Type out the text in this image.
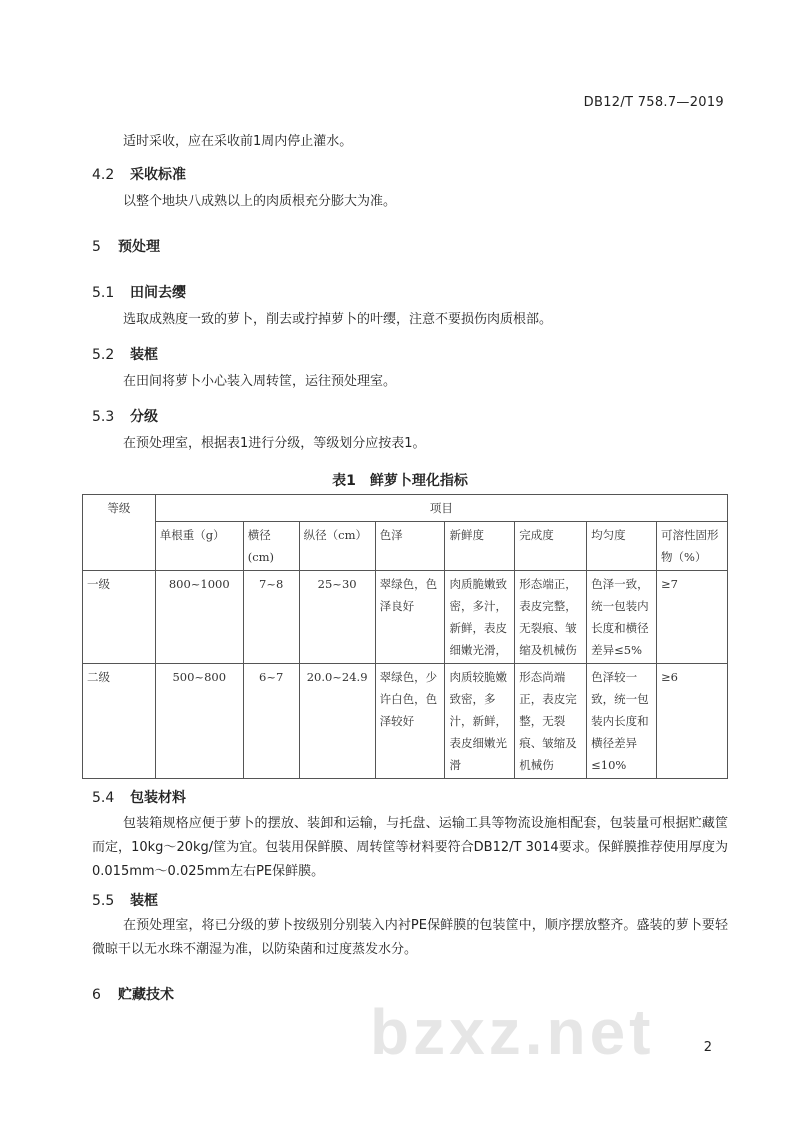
DB12/T 758.7—2019
适时采收，应在采收前1周内停止灌水。
4.2 采收标准
以整个地块八成熟以上的肉质根充分膨大为准。
5 预处理
5.1 田间去缨
选取成熟度一致的萝卜，削去或拧掉萝卜的叶缨，注意不要损伤肉质根部。
5.2 装框
在田间将萝卜小心装入周转筐，运往预处理室。
5.3 分级
在预处理室，根据表1进行分级，等级划分应按表1。
表1　鲜萝卜理化指标
等级	项目							
	单根重（g）	横径(cm)	纵径（cm）	色泽	新鲜度	完成度	均匀度	可溶性固形物（%）
一级	800~1000	7~8	25~30	翠绿色，色泽良好	肉质脆嫩致密，多汁，新鲜，表皮细嫩光滑，	形态端正，表皮完整，无裂痕、皱缩及机械伤	色泽一致，统一包装内长度和横径差异≤5%	≥7
二级	500~800	6~7	20.0~24.9	翠绿色，少许白色，色泽较好	肉质较脆嫩致密，多汁，新鲜，表皮细嫩光滑	形态尚端正，表皮完整，无裂痕、皱缩及机械伤	色泽较一致，统一包装内长度和横径差异 ≤10%	≥6
5.4 包装材料
包装箱规格应便于萝卜的摆放、装卸和运输，与托盘、运输工具等物流设施相配套，包装量可根据贮藏筐而定，10kg～20kg/筐为宜。包装用保鲜膜、周转筐等材料要符合DB12/T 3014要求。保鲜膜推荐使用厚度为0.015mm～0.025mm左右PE保鲜膜。
5.5 装框
在预处理室，将已分级的萝卜按级别分别装入内衬PE保鲜膜的包装筐中，顺序摆放整齐。盛装的萝卜要轻微晾干以无水珠不潮湿为准，以防染菌和过度蒸发水分。
6 贮藏技术
bzxz.net	2
